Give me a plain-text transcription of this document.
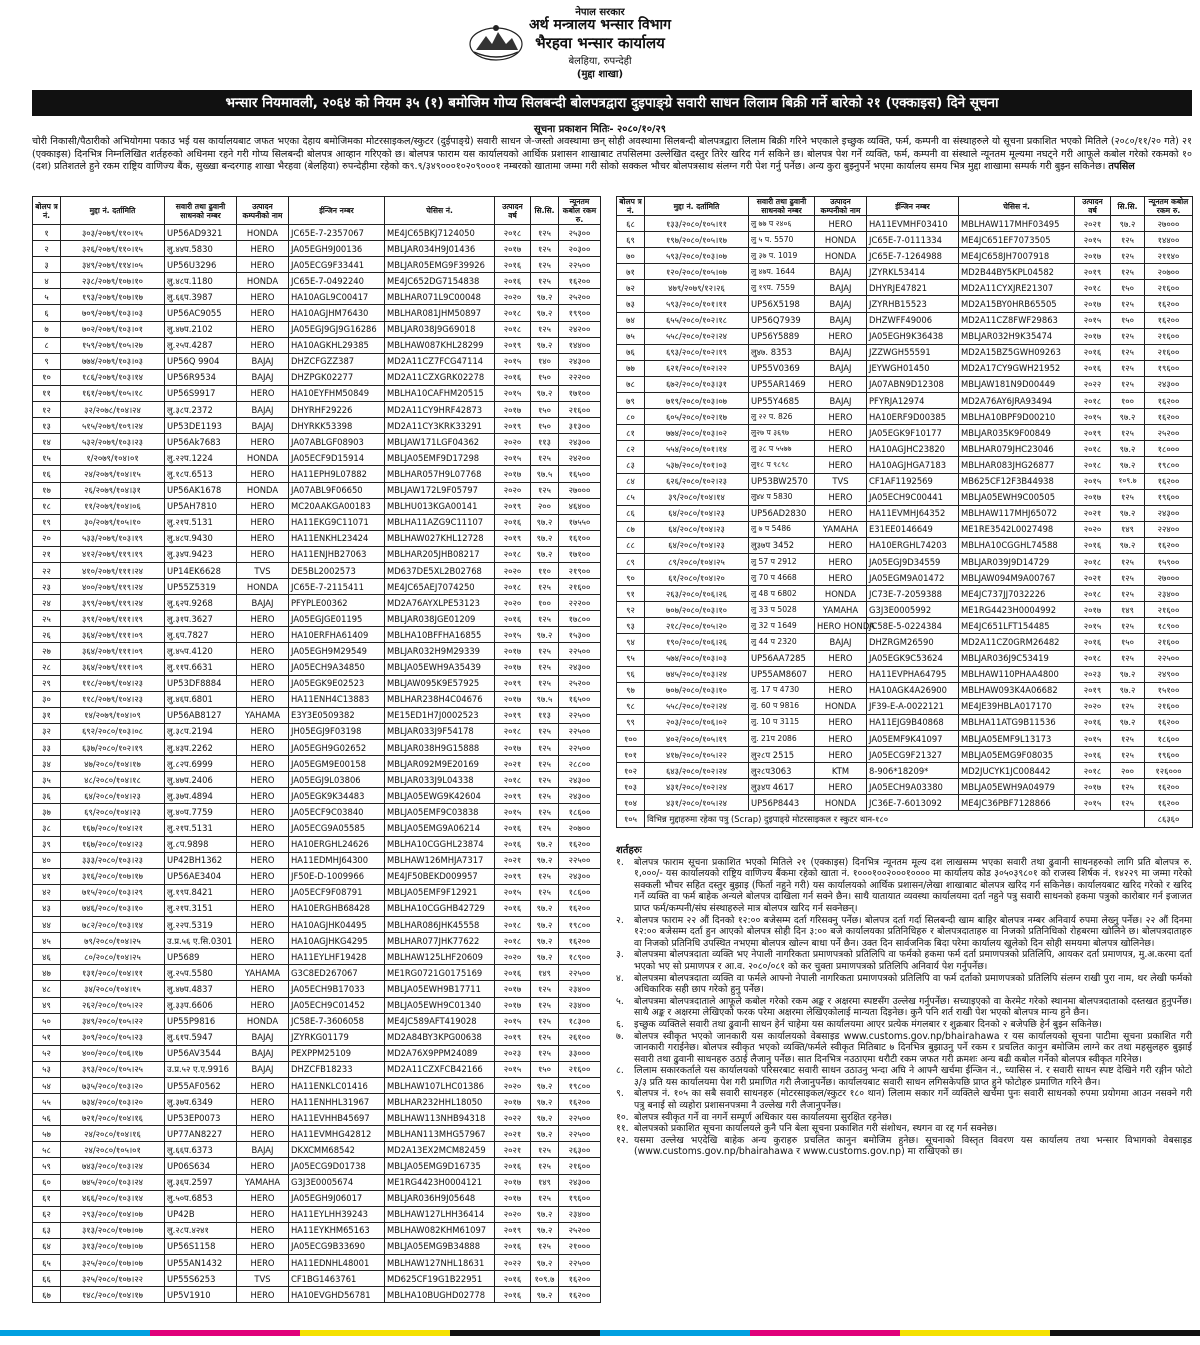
नेपाल सरकार
अर्थ मन्त्रालय भन्सार विभाग
भैरहवा भन्सार कार्यालय
बेलहिया, रुपन्देही
(मुद्दा शाखा)
भन्सार नियमावली, २०६४ को नियम ३५ (१) बमोजिम गोप्य सिलबन्दी बोलपत्रद्वारा दुइपाङ्ग्रे सवारी साधन लिलाम बिक्री गर्ने बारेको २१ (एक्काइस) दिने सूचना
सूचना प्रकाशन मितिः- २०८०/१०/२९
चोरी निकासी/पैठारीको अभियोगमा पकाउ भई यस कार्यालयबाट जफत भएका देहाय बमोजिमका मोटरसाइकल/स्कुटर (दुईपाङ्ग्रे) सवारी साधन जे-जस्तो अवस्थामा छन् सोही अवस्थामा सिलबन्दी बोलपत्रद्वारा लिलाम बिक्री गरिने भएकाले इच्छुक व्यक्ति, फर्म, कम्पनी वा संस्थाहरुले यो सूचना प्रकाशित भएको मितिले (२०८०/११/२० गते) २१ (एक्काइस) दिनभित्र निम्नलिखित शर्तहरुको अधिनमा रहने गरी गोप्य सिलबन्दी बोलपत्र आव्हान गरिएको छ। बोलपत्र फाराम यस कार्यालयको आर्थिक प्रशासन शाखाबाट तपसिलमा उल्लेखित दस्तुर तिरेर खरिद गर्न सकिने छ। बोलपत्र पेश गर्ने व्यक्ति, फर्म, कम्पनी वा संस्थाले न्यूनतम मूल्यमा नघट्ने गरी आफूले कबोल गरेको रकमको १० (दश) प्रतिशतले हुने रकम राष्ट्रिय वाणिज्य बैंक, सुख्खा बन्दरगाह शाखा भैरहवा (बेलहिया) रुपन्देहीमा रहेको क९.९/३४९०००१०२०९०००१ नम्बरको खातामा जम्मा गरी सोको सक्कल भौचर बोलपत्रसाथ संलग्न गरी पेश गर्नु पर्नेछ। अन्य कुरा बुझ्नुपर्ने भएमा कार्यालय समय भित्र मुद्दा शाखामा सम्पर्क गरी बुझ्न सकिनेछ। तपसिल
बोलप त्र नं.	मुद्दा नं. दर्तामिति	सवारी तथा ढुवानी साधनको नम्बर	उत्पादन कम्पनीको नाम	ईन्जिन नम्बर	चेसिस नं.	उत्पादन वर्ष	सि.सि.	न्यूनतम कबोल रकम रु.
१	३०३/२०७९/११०।१५	UP56AD9321	HONDA	JC65E-7-2357067	ME4JC65BKJ7124050	२०१८	१२५	२५३००
२	३२६/२०७९/११०।१५	लु.४४प.5830	HERO	JA05EGH9J00136	MBLJAR034H9J01436	२०१७	१२५	२०३००
३	३४९/२०७९/११४।०५	UP56U3296	HERO	JA05ECG9F33441	MBLJAR05EMG9F39926	२०१६	१२५	२२५००
४	२३८/२०७९/१०७।१०	लु.४८प.1180	HONDA	JC65E-7-0492240	ME4JC652DG7154838	२०१६	१२५	१६२००
५	१९३/२०७९/१०७।१७	लु.६६प.3987	HERO	HA10AGL9C00417	MBLHAR071L9C00048	२०२०	९७.२	२५२००
६	७०९/२०७९/१०३।०३	UP56AC9055	HERO	HA10AGJHM76430	MBLHAR081JHM50897	२०१८	९७.२	१९९००
७	७०२/२०७९/१०३।०१	लु.४७प.2102	HERO	JA05EGJ9GJ9G16286	MBLJAR038J9G69018	२०१८	१२५	२४२००
८	१५९/२०७९/१०५।२७	लु.२५प.4287	HERO	HA10AGKHL29385	MBLHAW087KHL28299	२०१९	९७.२	१४४००
९	७७४/२०७९/१०३।०३	UP56Q 9904	BAJAJ	DHZCFGZZ387	MD2A11CZ7FCG47114	२०१५	१४०	२४३००
१०	१८६/२०७९/१०३।१४	UP56R9534	BAJAJ	DHZPGK02277	MD2A11CZXGRK02278	२०१६	१५०	२२२००
११	१६१/२०७९/१०५।१८	UP56S9917	HERO	HA10EYFHM50849	MBLHA10CAFHM20515	२०१५	९७.२	१७१००
१२	३२/२०७८/१०४।२४	लु.३८प.2372	BAJAJ	DHYRHF29226	MD2A11CY9HRF42873	२०१७	१५०	२१६००
१३	५१५/२०७९/१०९।२४	UP53DE1193	BAJAJ	DHYRKK53398	MD2A11CY3KRK33291	२०१९	१५०	३१३००
१४	५३२/२०७९/१०३।२३	UP56Ak7683	HERO	JA07ABLGF08903	MBLJAW171LGF04362	२०२०	११३	२४३००
१५	१/२०७९/१०४।०१	लु.२२प.1224	HONDA	JA05ECF9D15914	MBLJA05EMF9D17298	२०१५	१२५	२४२००
१६	२४/२०७९/१०४।१५	लु.१८प.6513	HERO	HA11EPH9L07882	MBLHAR057H9L07768	२०१७	९७.५	१६५००
१७	२६/२०७९/१०४।३१	UP56AK1678	HONDA	JA07ABL9F06650	MBLJAW172L9F05797	२०२०	१२५	२७०००
१८	११/२०७९/१०४।०६	UP5AH7810	HERO	MC20AAKGA00183	MBLHU013KGA00141	२०१९	२००	४६४००
१९	३०/२०७९/१०५।१०	लु.२१प.5131	HERO	HA11EKG9C11071	MBLHA11AZG9C11107	२०१६	९७.२	१७५५०
२०	५३३/२०७९/१०३।१९	लु.४८प.9430	HERO	HA11ENKHL23424	MBLHAW027KHL12728	२०१९	९७.२	१६१००
२१	४१२/२०७९/११९।१९	लु.३४प.9423	HERO	HA11ENJHB27063	MBLHAR205JHB08217	२०१८	९७.२	१७१००
२२	४१०/२०७९/१११।२४	UP14EK6628	TVS	DE5BL2002573	MD637DE5XL2B02768	२०२०	११०	२१९००
२३	४००/२०७९/११९।२४	UP55Z5319	HONDA	JC65E-7-2115411	ME4JC65AEJ7074250	२०१८	१२५	२१६००
२४	३९९/२०७९/११९।२४	लु.६२प.9268	BAJAJ	PFYPLE00362	MD2A76AYXLPE53123	२०२०	१००	२२२००
२५	३९१/२०७९/१११।१९	लु.३१प.3627	HERO	JA05EGJGE01195	MBLJAR038JGE01209	२०१६	१२५	१७८००
२६	३६४/२०७९/१११।०९	लु.६प.7827	HERO	HA10ERFHA61409	MBLHA10BFFHA16855	२०१५	९७.२	१५३००
२७	३६४/२०७९/१११।०९	लु.४५प.4120	HERO	JA05EGH9M29549	MBLJAR032H9M29339	२०१७	१२५	२२५००
२८	३६४/२०७९/१११।०९	लु.११प.6631	HERO	JA05ECH9A34850	MBLJA05EWH9A35439	२०१७	१२५	२४३००
२९	११८/२०७९/१०४।२३	UP53DF8884	HERO	JA05EGK9E02523	MBLJAW095K9E57925	२०१९	१२५	२५२००
३०	११८/२०७९/१०४।२३	लु.४६प.6801	HERO	HA11ENH4C13883	MBLHAR238H4C04676	२०१७	९७.५	१६५००
३१	१४/२०७९/१०४।०९	UP56AB8127	YAHAMA	E3Y3E0509382	ME15ED1H7J0002523	२०१९	११३	२२५००
३२	६९२/२०८०/१०३।०८	लु.३८प.2194	HERO	JH05EGJ9F03198	MBLJAR033J9F54178	२०१८	१२५	२२५००
३३	६३७/२०८०/१०२।१९	लु.४३प.2262	HERO	JA05EGH9G02652	MBLJAR038H9G15888	२०१७	१२५	२२५००
३४	४७/२०८०/१०४।१७	लु.८२प.6999	HERO	JA05EGM9E00158	MBLJAR092M9E20169	२०२१	१२५	२८८००
३५	४८/२०८०/१०४।१८	लु.४७प.2406	HERO	JA05EGJ9L03806	MBLJAR033J9L04338	२०१८	१२५	२४३००
३६	६४/२०८०/१०४।२३	लु.३७प.4894	HERO	JA05EGK9K34483	MBLJA05EWG9K42604	२०१९	१२५	२४३००
३७	६९/२०८०/१०४।२३	लु.४०प.7759	HERO	JA05ECF9C03840	MBLJA05EMF9C03838	२०१५	१२५	१८६००
३८	१६७/२०८०/१०४।२१	लु.२१प.5131	HERO	JA05ECG9A05585	MBLJA05EMG9A06214	२०१६	१२५	२०७००
३९	१६७/२०८०/१०४।२३	लु.८प.9898	HERO	HA10ERGHL24626	MBLHA10CGGHL23874	२०१६	९७.२	१६२००
४०	३३३/२०८०/१०३।२३	UP42BH1362	HERO	HA11EDMHJ64300	MBLHAW126MHJA7317	२०२१	९७.२	२२५००
४१	३१६/२०८०/१०७।१७	UP56AE3404	HERO	JF50E-D-1009966	ME4JF50BEKD009957	२०१९	१२५	२४३००
४२	७१५/२०८०/१०३।२९	लु.१९प.8421	HERO	JA05ECF9F08791	MBLJA05EMF9F12921	२०१५	१२५	१८६००
४३	७४६/२०८०/१०३।१०	लु.२१प.3151	HERO	HA10ERGHB68428	MBLHA10CGGHB42729	२०१६	९७.२	१६२००
४४	७८२/२०८०/१०३।१४	लु.२२प.5319	HERO	HA10AGJHK04495	MBLHAR086JHK45558	२०१८	९७.२	१९८००
४५	७९/२०८०/१०४।२५	उ.प्र.५६ ए.सि.0301	HERO	HA10AGJHKG4295	MBLHAR077JHK77622	२०१८	९७.२	१६२००
४६	८०/२०८०/१०४।२५	UP5689	HERO	HA11EYLHF19428	MBLHAW125LHF20609	२०२०	९७.२	१८९००
४७	१३१/२०८०/१०४।११	लु.२५प.5580	YAHAMA	G3C8ED267067	ME1RG0721G0175169	२०१६	१४९	२२५००
४८	३४/२०८०/१०४।१५	लु.४७प.4837	HERO	JA05ECH9B17033	MBLJA05EWH9B17711	२०१७	१२५	२३४००
४९	२६२/२०८०/१०५।२२	लु.३३प.6606	HERO	JA05ECH9C01452	MBLJA05EWH9C01340	२०१७	१२५	२३४००
५०	३४९/२०८०/१०५।२२	UP55P9816	HONDA	JC58E-7-3606058	ME4JC589AFT419028	२०१५	१२५	१८३००
५१	३०९/२०८०/१०५।२३	लु.६१प.5947	BAJAJ	JZYRKG01179	MD2A84BY3KPG00638	२०१९	१२५	२६१००
५२	४००/२०८०/१०६।१७	UP56AV3544	BAJAJ	PEXPPM25109	MD2A76X9PPM24089	२०२३	१२५	३३०००
५३	३९३/२०८०/१०५।२५	उ.प्र.५२ ए.ए.9916	BAJAJ	DHZCFB18233	MD2A11CZXFCB42166	२०१५	१५०	२१६००
५४	७३५/२०८०/१०३।२०	UP55AF0562	HERO	HA11ENKLC01416	MBLHAW107LHC01386	२०२०	९७.२	१९८००
५५	७३४/२०८०/१०३।२०	लु.३७प.6349	HERO	HA11ENHHL31967	MBLHAR232HHL18050	२०१७	९७.२	१६२००
५६	७२१/२०८०/१०४।१६	UP53EP0073	HERO	HA11EVHHB45697	MBLHAW113NHB94318	२०२२	९७.२	२२५००
५७	२४/२०८०/१०४।१६	UP77AN8227	HERO	HA11EVMHG42812	MBLHAN113MHG57967	२०२१	९७.२	२२५००
५८	२४/२०८०/१०५।०१	लु.६६प.6373	BAJAJ	DKXCMM68542	MD2A13EX2MCM82459	२०२१	१२५	२६३००
५९	७४३/२०८०/१०३।२४	UP06S634	HERO	JA05ECG9D01738	MBLJA05EMG9D16735	२०१६	१२५	२१६००
६०	७४५/२०८०/१०३।२४	लु.३६प.2597	YAMAHA	G3J3E0005674	ME1RG4423H0004121	२०१७	१४९	२४३००
६१	४६६/२०८०/१०३।१४	लु.५०प.6853	HERO	JA05EGH9J06017	MBLJAR036H9J05648	२०१७	१२५	१९६००
६२	२९३/२०८०/१०४।०७	UP42B	HERO	HA11EYLHH39243	MBLHAW127LHH36414	२०२०	९७.२	२३४००
६३	३१३/२०८०/१०७।०७	लु.२८प.४२४१	HERO	HA11EYKHM65163	MBLHAW082KHM61097	२०१९	९७.२	२५२००
६४	३१३/२०८०/१०७।०७	UP56S1158	HERO	JA05ECG9B33690	MBLJA05EMG9B34888	२०१६	१२५	२१०००
६५	३२५/२०८०/१०७।०७	UP55AN1432	HERO	HA11EDNHL48001	MBLHAW127NHL18631	२०२२	९७.२	२२५००
६६	३२५/२०८०/१०७।२२	UP55S6253	TVS	CF1BG1463761	MD625CF19G1B22951	२०१६	१०९.७	१६२००
६७	१४८/२०८०/१०४।१७	UP5V1910	HERO	HA10EVGHD56781	MBLHA10BUGHD02778	२०१६	९७.२	१६२००
बोलप त्र नं.	मुद्दा नं. दर्तामिति	सवारी तथा ढुवानी साधनको नम्बर	उत्पादन कम्पनीको नाम	ईन्जिन नम्बर	चेसिस नं.	उत्पादन वर्ष	सि.सि.	न्यूनतम कबोल रकम रु.
६८	१३३/२०८०/१०५।११	लु ७७ प २४०६	HERO	HA11EVMHF03410	MBLHAW117MHF03495	२०२१	९७.२	२७०००
६९	१९७/२०८०/१०५।१७	लु ५ प. 5570	HONDA	JC65E-7-0111334	ME4JC651EF7073505	२०१५	१२५	१४४००
७०	५९३/२०८०/१०३।०७	लु ३७ प. 1019	HONDA	JC65E-7-1264988	ME4JC658JH7007918	२०१७	१२५	२११४०
७१	१२०/२०८०/१०५।०७	लु ४७प. 1644	BAJAJ	JZYRKL53414	MD2B44BY5KPL04582	२०१९	१२५	२०७००
७२	४७९/२०७९/१२।२६	लु १९प. 7559	BAJAJ	DHYRJE47821	MD2A11CYXJRE21307	२०१८	१५०	२१६००
७३	५९३/२०८०/१०१।११	UP56X5198	BAJAJ	JZYRHB15523	MD2A15BY0HRB65505	२०१७	१२५	१६२००
७४	६५५/२०८०/१०२।१८	UP56Q7939	BAJAJ	DHZWFF49006	MD2A11CZ8FWF29863	२०१५	१५०	१६२००
७५	५५८/२०८०/१०२।२४	UP56Y5889	HERO	JA05EGH9K36438	MBLJAR032H9K35474	२०१७	१२५	२१६००
७६	६९३/२०८०/१०२।१९	लु४७. 8353	BAJAJ	JZZWGH55591	MD2A15BZ5GWH09263	२०१६	१२५	२१६००
७७	६२१/२०८०/१०२।२२	UP55V0369	BAJAJ	JEYWGH01450	MD2A17CY9GWH21952	२०१६	१२५	१९६००
७८	६७२/२०८०/१०३।३१	UP55AR1469	HERO	JA07ABN9D12308	MBLJAW181N9D00449	२०२२	१२५	२४३००
७९	७१९/२०८०/१०३।०७	UP55Y4685	BAJAJ	PFYRJA12974	MD2A76AY6JRA93494	२०१८	१००	१६२००
८०	६०५/२०८०/१०२।१७	लु २२ प. 826	HERO	HA10ERF9D00385	MBLHA10BPF9D00210	२०१५	९७.२	१६२००
८१	७७४/२०८०/१०३।०२	लु२७ प ३६९७	HERO	JA05EGK9F10177	MBLJAR035K9F00849	२०१९	१२५	२५२००
८२	५५४/२०८०/१०१।१४	लु ३८ प ५५७७	HERO	HA10AGJHC23820	MBLHAR079JHC23046	२०१८	९७.२	१८०००
८३	५३७/२०८०/१०१।०३	लु१८ प ९८९८	HERO	HA10AGJHGA7183	MBLHAR083JHG26877	२०१८	९७.२	१९८००
८४	६२६/२०८०/१०२।२३	UP53BW2570	TVS	CF1AF1192569	MB625CF12F3B44938	२०१५	१०९.७	१६२००
८५	३९/२०८०/१०४।१४	लु४४ प 5830	HERO	JA05ECH9C00441	MBLJA05EWH9C00505	२०१७	१२५	१९६००
८६	६४/२०८०/१०४।२३	UP56AD2830	HERO	HA11EVMHJ64352	MBLHAW117MHJ65072	२०२१	९७.२	२४३००
८७	६४/२०८०/१०४।२३	लु ७ प 5486	YAMAHA	E31EE0146649	ME1RE3542L0027498	२०२०	१४९	२२४००
८८	६४/२०८०/१०४।२३	लु३७प 3452	HERO	HA10ERGHL74203	MBLHA10CGGHL74588	२०१६	९७.२	१६२००
८९	८९/२०८०/१०४।२५	लु 57 प 2912	HERO	JA05EGJ9D34559	MBLJAR039J9D14729	२०१८	१२५	१५९००
९०	६१/२०८०/१०४।२०	लु 70 प 4668	HERO	JA05EGM9A01472	MBLJAW094M9A00767	२०२१	१२५	२७०००
९१	२६३/२०८०/१०६।२६	लु 48 प 6802	HONDA	JC73E-7-2059388	ME4JC737JJ7032226	२०१८	१२५	२३४००
९२	७०७/२०८०/१०३।१०	लु 33 प 5028	YAMAHA	G3J3E0005992	ME1RG4423H0004992	२०१७	१४९	२१६००
९३	२१८/२०८०/१०५।२०	लु 32 प 1649	HERO HONDA	JC58E-5-0224384	ME4JC651LFT154485	२०१५	१२५	१८९००
९४	१९०/२०८०/१०६।२६	लु 44 प 2320	BAJAJ	DHZRGM26590	MD2A11CZ0GRM26482	२०१६	१५०	२१६००
९५	५७४/२०८०/१०३।०३	UP56AA7285	HERO	JA05EGK9C53624	MBLJAR036J9C53419	२०१८	१२५	२२५००
९६	७४५/२०८०/१०३।२४	UP55AM8607	HERO	HA11EVPHA64795	MBLHAW110PHAA4800	२०२३	९७.२	२४९००
९७	७०७/२०८०/१०३।१०	लु. 17 प 4730	HERO	HA10AGK4A26900	MBLHAW093K4A06682	२०१९	९७.२	१५१००
९८	५५८/२०८०/१०२।२४	लु. 60 प 9816	HONDA	JF39-E-A-0022121	ME4JE39HBLA017170	२०२०	१२५	२१६००
९९	२०३/२०८०/१०६।०२	लु. 10 प 3115	HERO	HA11EJG9B40868	MBLHA11ATG9B11536	२०१६	९७.२	१६२००
१००	४०२/२०८०/१०५।१९	लु. 21प 2086	HERO	JA05EMF9K41097	MBLJA05EMF9L13173	२०१५	१२५	१८६००
१०१	४१७/२०८०/१०५।२२	लु२८प 2515	HERO	JA05ECG9F21327	MBLJA05EMG9F08035	२०१६	१२५	१९६००
१०२	६४३/२०८०/१०२।२४	लु२८प3063	KTM	8-906*18209*	MD2JUCYK1JC008442	२०१८	२००	१२६०००
१०३	४३१/२०८०/१०२।२४	लु३४प 4617	HERO	JA05ECH9A03380	MBLJA05EWH9A04979	२०१७	१२५	१६२००
१०४	४३१/२०८०/१०५।२४	UP56P8443	HONDA	JC36E-7-6013092	ME4JC36PBF7128866	२०१५	१२५	१६२००
१०५	विभिन्न मुद्दाहरुमा रहेका पत्रु (Scrap) दुइपाङ्ग्रे मोटरसाइकल र स्कुटर थान-१८०							८६३६०
शर्तहरुः
१.	बोलपत्र फाराम सूचना प्रकाशित भएको मितिले २१ (एक्काइस) दिनभित्र न्यूनतम मूल्य दश लाखसम्म भएका सवारी तथा ढुवानी साधनहरुको लागि प्रति बोलपत्र रु. १,०००/- यस कार्यालयको राष्ट्रिय वाणिज्य बैंकमा रहेको खाता नं. १०००१००२०००१०००० मा कार्यालय कोड ३०५०३९८०१ को राजस्व शिर्षक नं. १४२२९ मा जम्मा गरेको सक्कली भौचर सहित दस्तुर बुझाइ (फिर्ता नहुने गरी) यस कार्यालयको आर्थिक प्रशासन/लेखा शाखाबाट बोलपत्र खरिद गर्न सकिनेछ। कार्यालयबाट खरिद गरेको र खरिद गर्ने व्यक्ति वा फर्म बाहेक अन्यले बोलपत्र दाखिला गर्न सक्ने छैन। साथै यातायात व्यवस्था कार्यालयमा दर्ता नहुने पत्रु सवारी साधनको हकमा पत्रुको कारोबार गर्न इजाजत प्राप्त फर्म/कम्पनी/संघ संस्थाहरुले मात्र बोलपत्र खरिद गर्न सक्नेछन्।
२.	बोलपत्र फाराम २२ औं दिनको १२:०० बजेसम्म दर्ता गरिसक्नु पर्नेछ। बोलपत्र दर्ता गर्दा सिलबन्दी खाम बाहिर बोलपत्र नम्बर अनिवार्य रुपमा लेख्नु पर्नेछ। २२ औं दिनमा १२:०० बजेसम्म दर्ता हुन आएको बोलपत्र सोही दिन ३:०० बजे कार्यालयका प्रतिनिधिहरु र बोलपत्रदाताहरु वा निजको प्रतिनिधिको रोहबरमा खोलिने छ। बोलपत्रदाताहरु वा निजको प्रतिनिधि उपस्थित नभएमा बोलपत्र खोल्न बाधा पर्ने छैन। उक्त दिन सार्वजनिक बिदा परेमा कार्यालय खुलेको दिन सोही समयमा बोलपत्र खोलिनेछ।
३.	बोलपत्रमा बोलपत्रदाता व्यक्ति भए नेपाली नागरिकता प्रमाणपत्रको प्रतिलिपि वा फर्मको हकमा फर्म दर्ता प्रमाणपत्रको प्रतिलिपि, आयकर दर्ता प्रमाणपत्र, मु.अ.करमा दर्ता भएको भए सो प्रमाणपत्र र आ.व. २०८०/०८१ को कर चुक्ता प्रमाणपत्रको प्रतिलिपि अनिवार्य पेश गर्नुपर्नेछ।
४.	बोलपत्रमा बोलपत्रदाता व्यक्ति वा फर्मले आफ्नो नेपाली नागरिकता प्रमाणपत्रको प्रतिलिपि वा फर्म दर्ताको प्रमाणपत्रको प्रतिलिपि संलग्न राखी पुरा नाम, थर लेखी फर्मको अधिकारिक सही छाप गरेको हुनु पर्नेछ।
५.	बोलपत्रमा बोलपत्रदाताले आफूले कबोल गरेको रकम अङ्क र अक्षरमा स्पष्टसँग उल्लेख गर्नुपर्नेछ। सच्याइएको वा केरमेट गरेको स्थानमा बोलपत्रदाताको दस्तखत हुनुपर्नेछ। साथै अङ्क र अक्षरमा लेखिएको फरक परेमा अक्षरमा लेखिएकोलाई मान्यता दिइनेछ। कुनै पनि शर्त राखी पेश भएको बोलपत्र मान्य हुने छैन।
६.	इच्छुक व्यक्तिले सवारी तथा ढुवानी साधन हेर्न चाहेमा यस कार्यालयमा आएर प्रत्येक मंगलबार र शुक्रबार दिनको २ बजेपछि हेर्न बुझ्न सकिनेछ।
७.	बोलपत्र स्वीकृत भएको जानकारी यस कार्यालयको वेबसाइड www.customs.gov.np/bhairahawa र यस कार्यालयको सूचना पाटीमा सूचना प्रकाशित गरी जानकारी गराईनेछ। बोलपत्र स्वीकृत भएको व्यक्ति/फर्मले स्वीकृत मितिबाट ७ दिनभित्र बुझाउनु पर्ने रकम र प्रचलित कानुन बमोजिम लाग्ने कर तथा महसुलहरु बुझाई सवारी तथा ढुवानी साधनहरु उठाई लैजानु पर्नेछ। सात दिनभित्र नउठाएमा धरौटी रकम जफत गरी क्रमशः अन्य बढी कबोल गर्नेको बोलपत्र स्वीकृत गरिनेछ।
८.	लिलाम सकारकर्ताले यस कार्यालयको परिसरबाट सवारी साधन उठाउनु भन्दा अघि ने आफ्नै खर्चमा ईन्जिन नं., च्यासिस नं. र सवारी साधन स्पष्ट देखिने गरी रङ्गीन फोटो ३/३ प्रति यस कार्यालयमा पेश गरी प्रमाणित गरी लैजानुपर्नेछ। कार्यालयबाट सवारी साधन लगिसकेपछि प्राप्त हुने फोटोहरु प्रमाणित गरिने छैन।
९.	बोलपत्र नं. १०५ का सबै सवारी साधनहरु (मोटरसाइकल/स्कुटर १८० थान) लिलाम सकार गर्ने व्यक्तिले खर्चमा पुनः सवारी साधनको रुपमा प्रयोगमा आउन नसक्ने गरी पत्रु बनाई सो व्यहोरा प्रशासनपत्रमा नै उल्लेख गरी लैजानुपर्नेछ।
१०. बोलपत्र स्वीकृत गर्ने वा नगर्ने सम्पूर्ण अधिकार यस कार्यालयमा सुरक्षित रहनेछ।
११. बोलपत्रको प्रकाशित सूचना कार्यालयले कुनै पनि बेला सूचना प्रकाशित गरी संशोधन, स्थगन वा रद्द गर्न सक्नेछ।
१२. यसमा उल्लेख भएदेखि बाहेक अन्य कुराहरु प्रचलित कानुन बमोजिम हुनेछ। सूचनाको विस्तृत विवरण यस कार्यालय तथा भन्सार विभागको वेबसाइड (www.customs.gov.np/bhairahawa र www.customs.gov.np) मा राखिएको छ।
